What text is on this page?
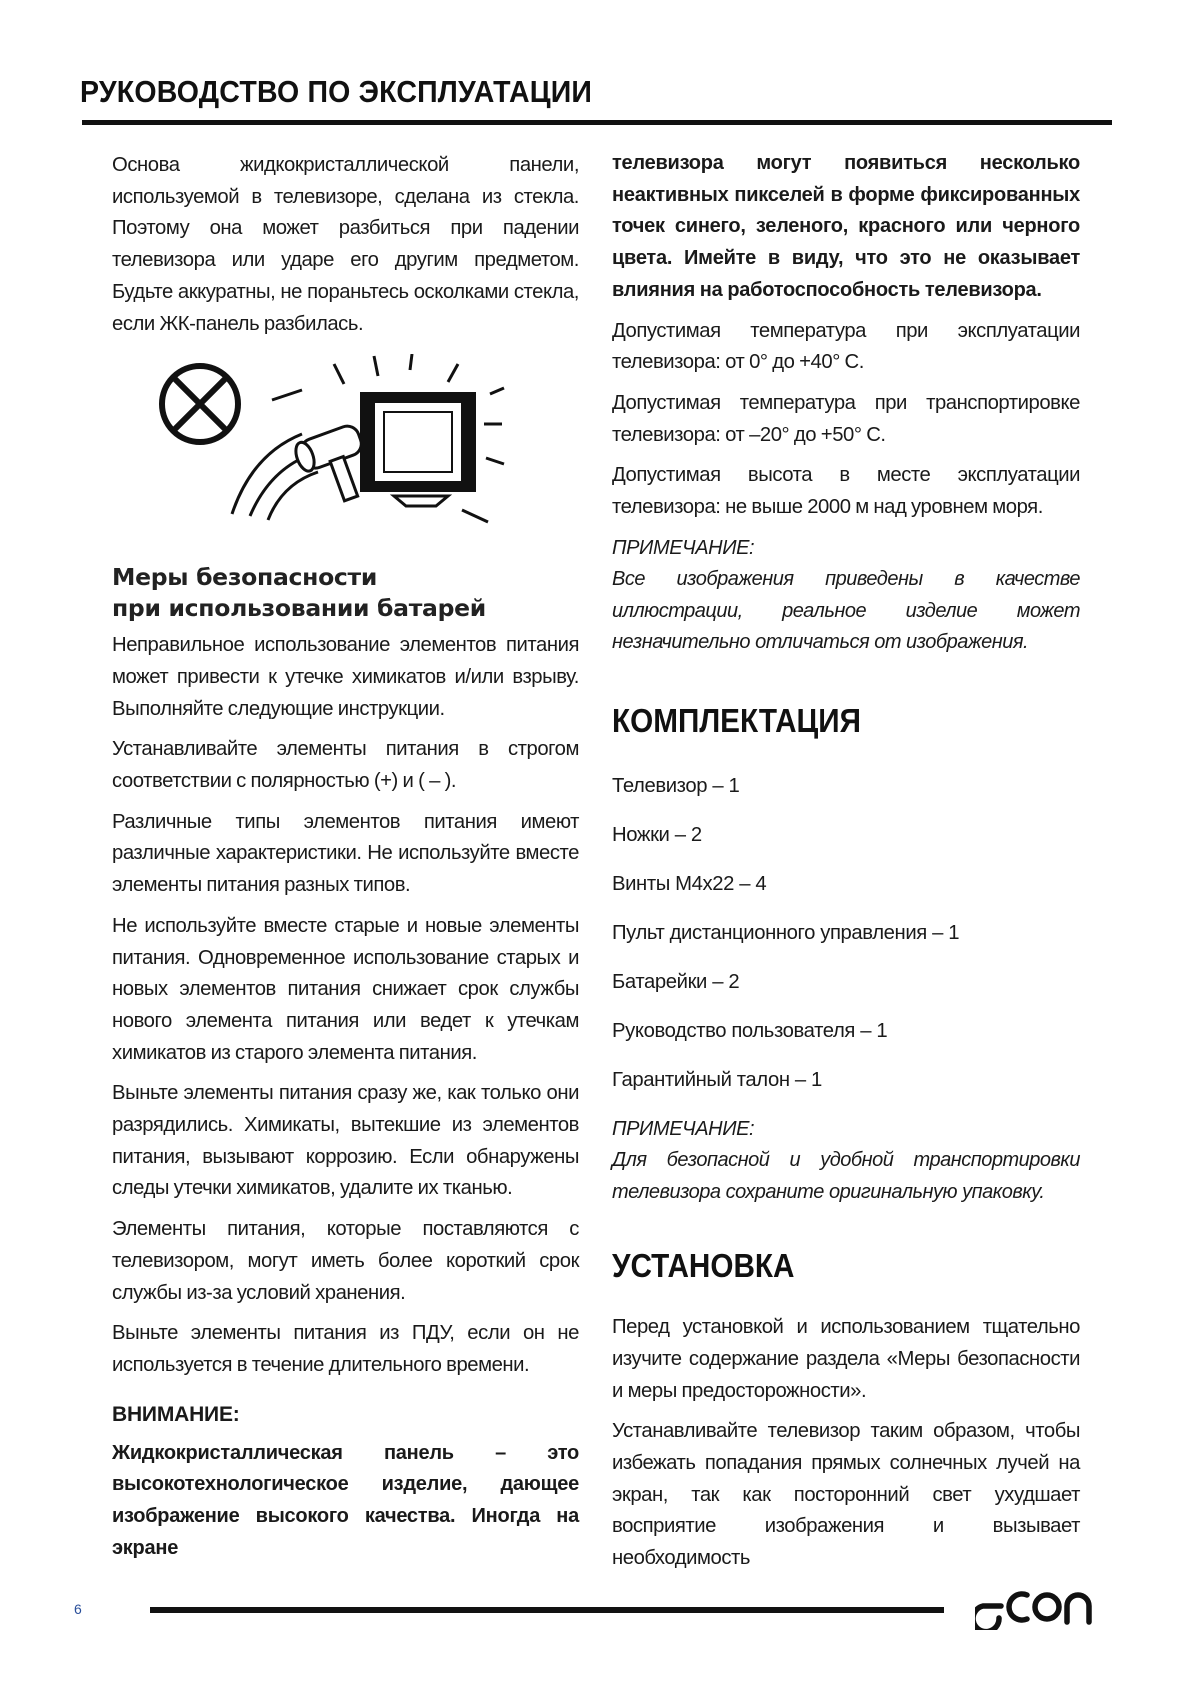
РУКОВОДСТВО ПО ЭКСПЛУАТАЦИИ

Основа жидкокристаллической панели, используемой в телевизоре, сделана из стекла. Поэтому она может разбиться при падении телевизора или ударе его другим предметом. Будьте аккуратны, не пораньтесь осколками стекла, если ЖК-панель разбилась.

Меры безопасности
при использовании батарей

Неправильное использование элементов питания может привести к утечке химикатов и/или взрыву. Выполняйте следующие инструкции.

Устанавливайте элементы питания в строгом соответствии с полярностью (+) и ( – ).

Различные типы элементов питания имеют различные характеристики. Не используйте вместе элементы питания разных типов.

Не используйте вместе старые и новые элементы питания. Одновременное использование старых и новых элементов питания снижает срок службы нового элемента питания или ведет к утечкам химикатов из старого элемента питания.

Выньте элементы питания сразу же, как только они разрядились. Химикаты, вытекшие из элементов питания, вызывают коррозию. Если обнаружены следы утечки химикатов, удалите их тканью.

Элементы питания, которые поставляются с телевизором, могут иметь более короткий срок службы из-за условий хранения.

Выньте элементы питания из ПДУ, если он не используется в течение длительного времени.

ВНИМАНИЕ:

Жидкокристаллическая панель – это высокотехнологическое изделие, дающее изображение высокого качества. Иногда на экране

телевизора могут появиться несколько неактивных пикселей в форме фиксированных точек синего, зеленого, красного или черного цвета. Имейте в виду, что это не оказывает влияния на работоспособность телевизора.

Допустимая температура при эксплуатации телевизора: от 0° до +40° С.

Допустимая температура при транспортировке телевизора: от –20° до +50° С.

Допустимая высота в месте эксплуатации телевизора: не выше 2000 м над уровнем моря.

ПРИМЕЧАНИЕ:

Все изображения приведены в качестве иллюстрации, реальное изделие может незначительно отличаться от изображения.

КОМПЛЕКТАЦИЯ
Телевизор – 1
Ножки – 2
Винты M4x22 – 4
Пульт дистанционного управления – 1
Батарейки – 2
Руководство пользователя – 1
Гарантийный талон – 1

ПРИМЕЧАНИЕ:

Для безопасной и удобной транспортировки телевизора сохраните оригинальную упаковку.

УСТАНОВКА

Перед установкой и использованием тщательно изучите содержание раздела «Меры безопасности и меры предосторожности».

Устанавливайте телевизор таким образом, чтобы избежать попадания прямых солнечных лучей на экран, так как посторонний свет ухудшает восприятие изображения и вызывает необходимость

6
